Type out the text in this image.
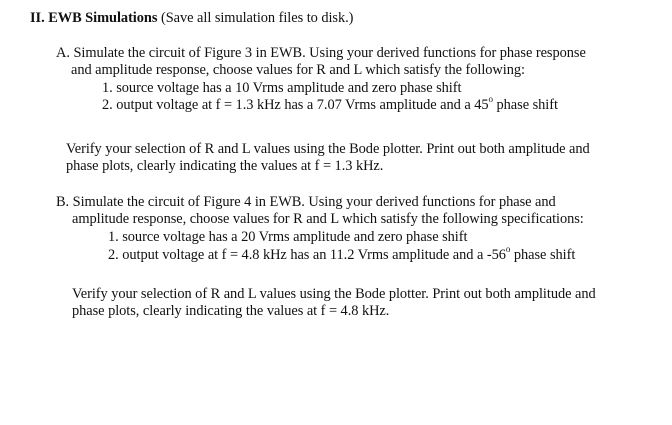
II. EWB Simulations (Save all simulation files to disk.)
A. Simulate the circuit of Figure 3 in EWB. Using your derived functions for phase response
and amplitude response, choose values for R and L which satisfy the following:
1. source voltage has a 10 Vrms amplitude and zero phase shift
2. output voltage at f = 1.3 kHz has a 7.07 Vrms amplitude and a 45$^o$ phase shift
Verify your selection of R and L values using the Bode plotter. Print out both amplitude and
phase plots, clearly indicating the values at f = 1.3 kHz.
B. Simulate the circuit of Figure 4 in EWB. Using your derived functions for phase and
amplitude response, choose values for R and L which satisfy the following specifications:
1. source voltage has a 20 Vrms amplitude and zero phase shift
2. output voltage at f = 4.8 kHz has an 11.2 Vrms amplitude and a -56$^o$ phase shift
Verify your selection of R and L values using the Bode plotter. Print out both amplitude and
phase plots, clearly indicating the values at f = 4.8 kHz.
